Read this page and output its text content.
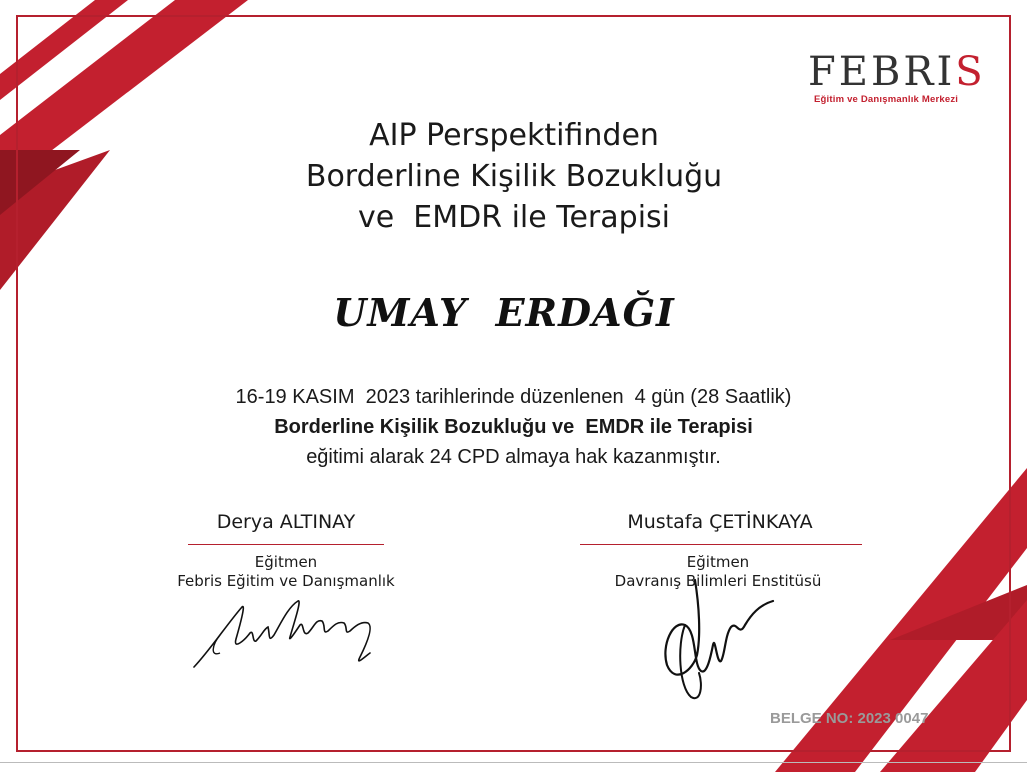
FEBRIS
Eğitim ve Danışmanlık Merkezi
AIP Perspektifinden
Borderline Kişilik Bozukluğu
ve  EMDR ile Terapisi
UMAY  ERDAĞI
16-19 KASIM  2023 tarihlerinde düzenlenen  4 gün (28 Saatlik)
Borderline Kişilik Bozukluğu ve  EMDR ile Terapisi
eğitimi alarak 24 CPD almaya hak kazanmıştır.
Derya ALTINAY
Eğitmen
Febris Eğitim ve Danışmanlık
Mustafa ÇETİNKAYA
Eğitmen
Davranış Bilimleri Enstitüsü
BELGE NO: 2023 0047
